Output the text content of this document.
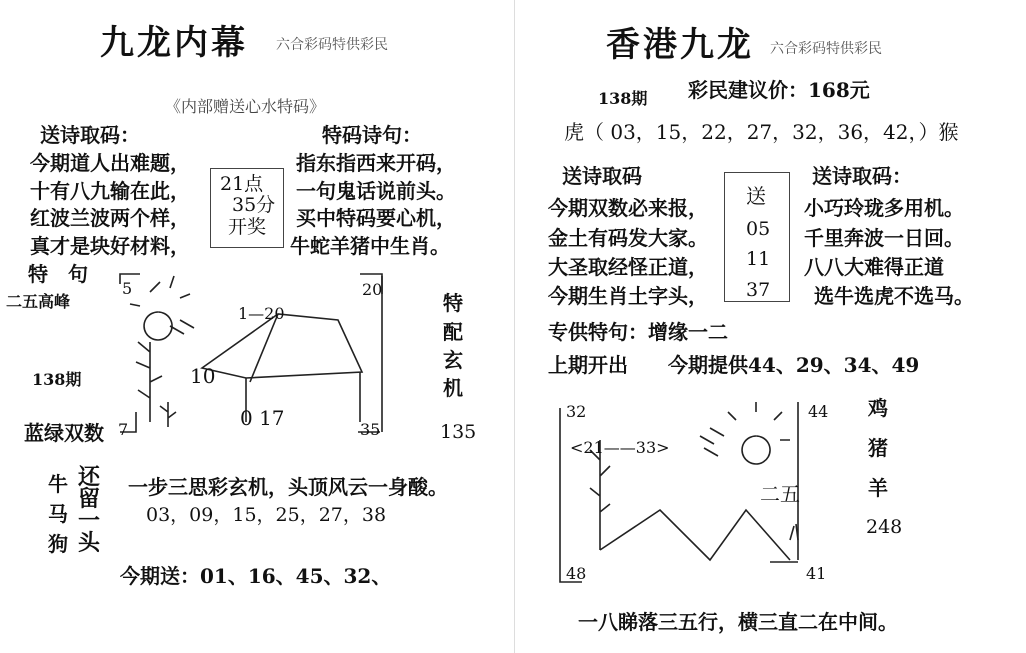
九龙内幕 六合彩码特供彩民
《内部赠送心水特码》
送诗取码：	特码诗句：
今期道人出难题，
十有八九输在此，
红波兰波两个样，
真才是块好材料，
21点
35分
开奖
指东指西来开码，
一句鬼话说前头。
买中特码要心机，
牛蛇羊猪中生肖。
特　句
二五高峰
138期
蓝绿双数
特
配
玄
机
135
5	20
1—20
10
0 17
7	35
牛
马
狗
还
留
一
头
一步三思彩玄机，头顶风云一身酸。
03，09，15，25，27，38
今期送：01、16、45、32、
香港九龙 六合彩码特供彩民
138期 彩民建议价：168元
虎（ 03，15，22，27，32，36，42，）猴
送诗取码	送诗取码：
今期双数必来报，
金土有码发大家。
大圣取经怪正道，
今期生肖土字头，
送
05
11
37
小巧玲珑多用机。
千里奔波一日回。
八八大难得正道
选牛选虎不选马。
专供特句：增缘一二
上期开出　　今期提供44、29、34、49
32	44
<21——33>
二五
48	41
鸡
猪
羊
248
一八睇落三五行，横三直二在中间。
